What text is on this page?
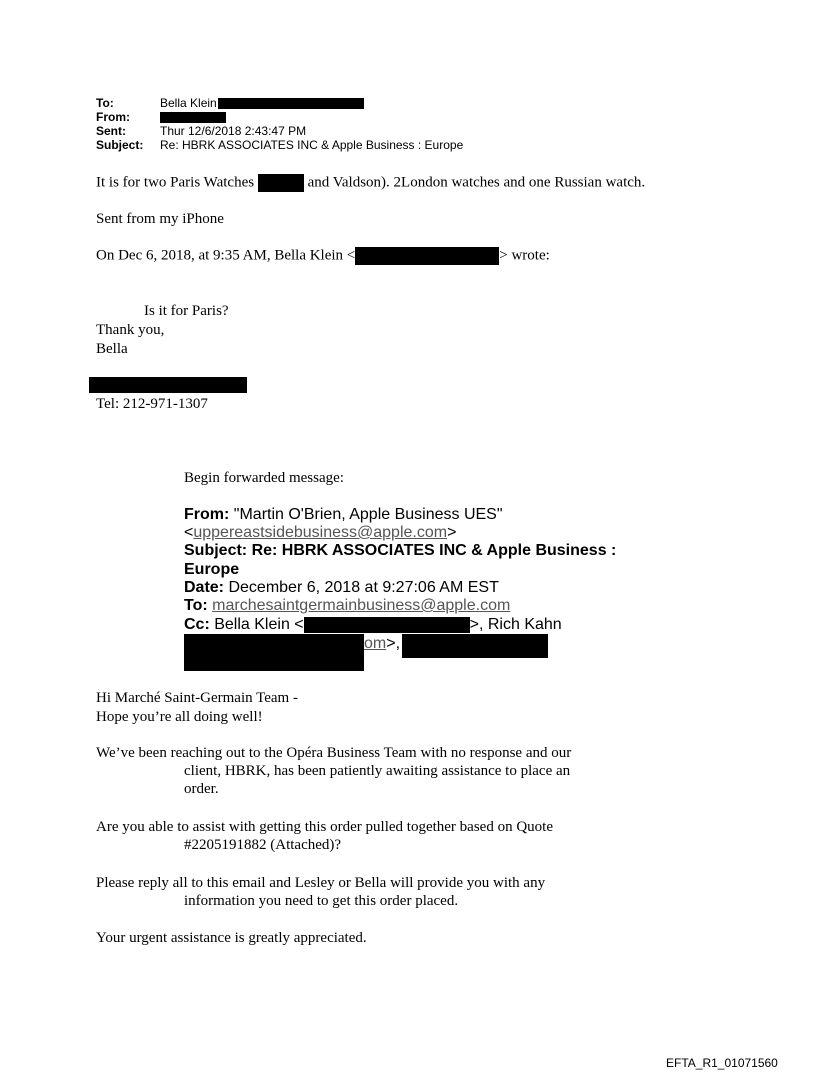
To:	Bella Klein
From:
Sent:	Thur 12/6/2018 2:43:47 PM
Subject: Re: HBRK ASSOCIATES INC & Apple Business : Europe
It is for two Paris Watches	and Valdson). 2London watches and one Russian watch.
Sent from my iPhone
On Dec 6, 2018, at 9:35 AM, Bella Klein <	> wrote:
Is it for Paris?
Thank you,
Bella
Tel: 212-971-1307
Begin forwarded message:
From: "Martin O'Brien, Apple Business UES"
<uppereastsidebusiness@apple.com>
Subject: Re: HBRK ASSOCIATES INC & Apple Business :
Europe
Date: December 6, 2018 at 9:27:06 AM EST
To: marchesaintgermainbusiness@apple.com
Cc: Bella Klein <	>, Rich Kahn
om>,
Hi Marché Saint-Germain Team -
Hope you’re all doing well!
We’ve been reaching out to the Opéra Business Team with no response and our
client, HBRK, has been patiently awaiting assistance to place an
order.
Are you able to assist with getting this order pulled together based on Quote
#2205191882 (Attached)?
Please reply all to this email and Lesley or Bella will provide you with any
information you need to get this order placed.
Your urgent assistance is greatly appreciated.
EFTA_R1_01071560
